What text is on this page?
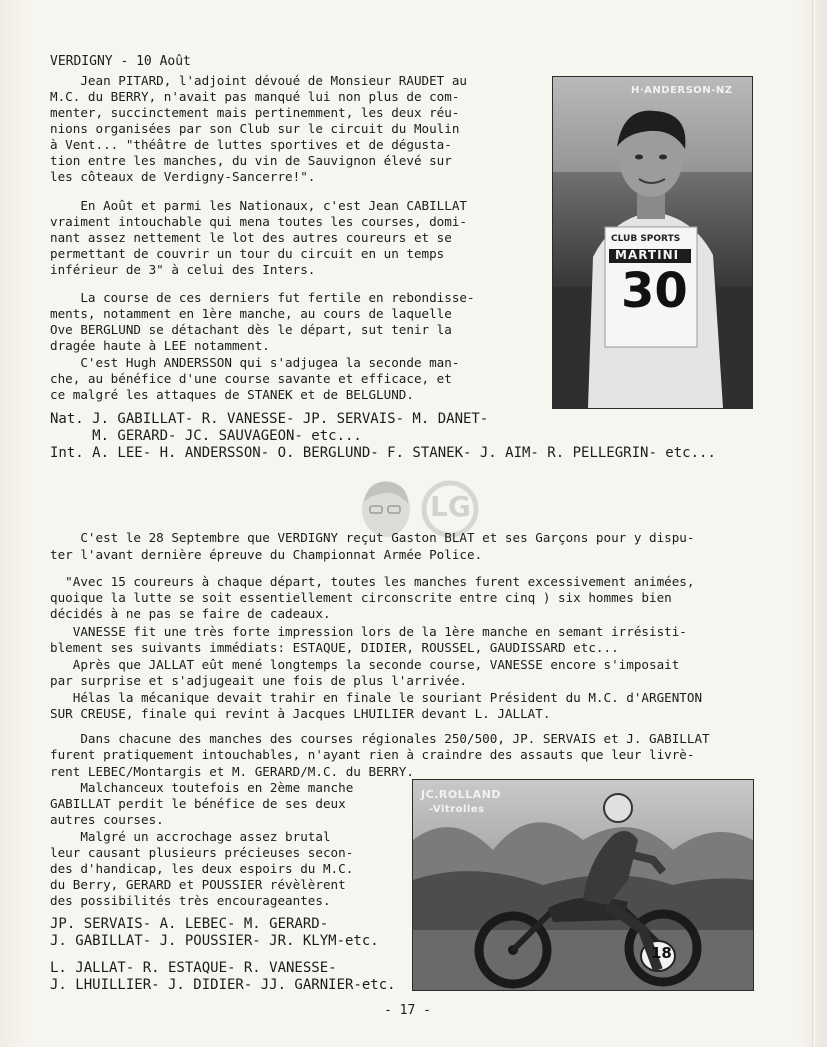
VERDIGNY - 10 Août
Jean PITARD, l'adjoint dévoué de Monsieur RAUDET au
M.C. du BERRY, n'avait pas manqué lui non plus de com-
menter, succinctement mais pertinemment, les deux réu-
nions organisées par son Club sur le circuit du Moulin
à Vent... "théâtre de luttes sportives et de dégusta-
tion entre les manches, du vin de Sauvignon élevé sur
les côteaux de Verdigny-Sancerre!".
En Août et parmi les Nationaux, c'est Jean CABILLAT
vraiment intouchable qui mena toutes les courses, domi-
nant assez nettement le lot des autres coureurs et se
permettant de couvrir un tour du circuit en un temps
inférieur de 3" à celui des Inters.
La course de ces derniers fut fertile en rebondisse-
ments, notamment en 1ère manche, au cours de laquelle
Ove BERGLUND se détachant dès le départ, sut tenir la
dragée haute à LEE notamment.
C'est Hugh ANDERSSON qui s'adjugea la seconde man-
che, au bénéfice d'une course savante et efficace, et
ce malgré les attaques de STANEK et de BELGLUND.
Nat. J. GABILLAT- R. VANESSE- JP. SERVAIS- M. DANET-
M. GERARD- JC. SAUVAGEON- etc...
Int. A. LEE- H. ANDERSSON- O. BERGLUND- F. STANEK- J. AIM- R. PELLEGRIN- etc...
H·ANDERSON-NZ
CLUB SPORTS
MARTINI
30
LG
C'est le 28 Septembre que VERDIGNY reçut Gaston BLAT et ses Garçons pour y dispu-
ter l'avant dernière épreuve du Championnat Armée Police.
"Avec 15 coureurs à chaque départ, toutes les manches furent excessivement animées,
quoique la lutte se soit essentiellement circonscrite entre cinq ) six hommes bien
décidés à ne pas se faire de cadeaux.
VANESSE fit une très forte impression lors de la 1ère manche en semant irrésisti-
blement ses suivants immédiats: ESTAQUE, DIDIER, ROUSSEL, GAUDISSARD etc...
Après que JALLAT eût mené longtemps la seconde course, VANESSE encore s'imposait
par surprise et s'adjugeait une fois de plus l'arrivée.
Hélas la mécanique devait trahir en finale le souriant Président du M.C. d'ARGENTON
SUR CREUSE, finale qui revint à Jacques LHUILIER devant L. JALLAT.
Dans chacune des manches des courses régionales 250/500, JP. SERVAIS et J. GABILLAT
furent pratiquement intouchables, n'ayant rien à craindre des assauts que leur livrè-
rent LEBEC/Montargis et M. GERARD/M.C. du BERRY.
Malchanceux toutefois en 2ème manche
GABILLAT perdit le bénéfice de ses deux
autres courses.
Malgré un accrochage assez brutal
leur causant plusieurs précieuses secon-
des d'handicap, les deux espoirs du M.C.
du Berry, GERARD et POUSSIER révèlèrent
des possibilités très encourageantes.
JP. SERVAIS- A. LEBEC- M. GERARD-
J. GABILLAT- J. POUSSIER- JR. KLYM-etc.
L. JALLAT- R. ESTAQUE- R. VANESSE-
J. LHUILLIER- J. DIDIER- JJ. GARNIER-etc.
JC.ROLLAND
-Vitrolles
18
- 17 -
